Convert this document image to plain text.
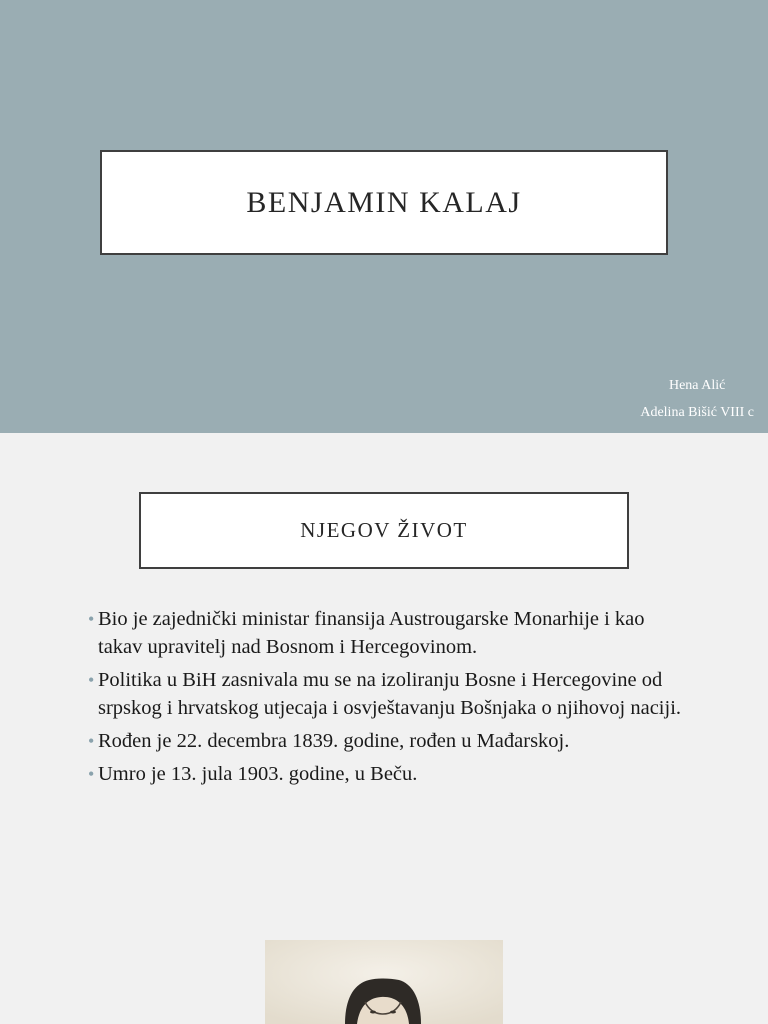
BENJAMIN KALAJ
Hena Alić
Adelina Bišić VIII c
NJEGOV ŽIVOT
• Bio je zajednički ministar finansija Austrougarske Monarhije i kao takav upravitelj nad Bosnom i Hercegovinom.
• Politika u BiH zasnivala mu se na izoliranju Bosne i Hercegovine od srpskog i hrvatskog utjecaja i osvještavanju Bošnjaka o njihovoj naciji.
• Rođen je 22. decembra 1839. godine, rođen u Mađarskoj.
• Umro je 13. jula 1903. godine, u Beču.
